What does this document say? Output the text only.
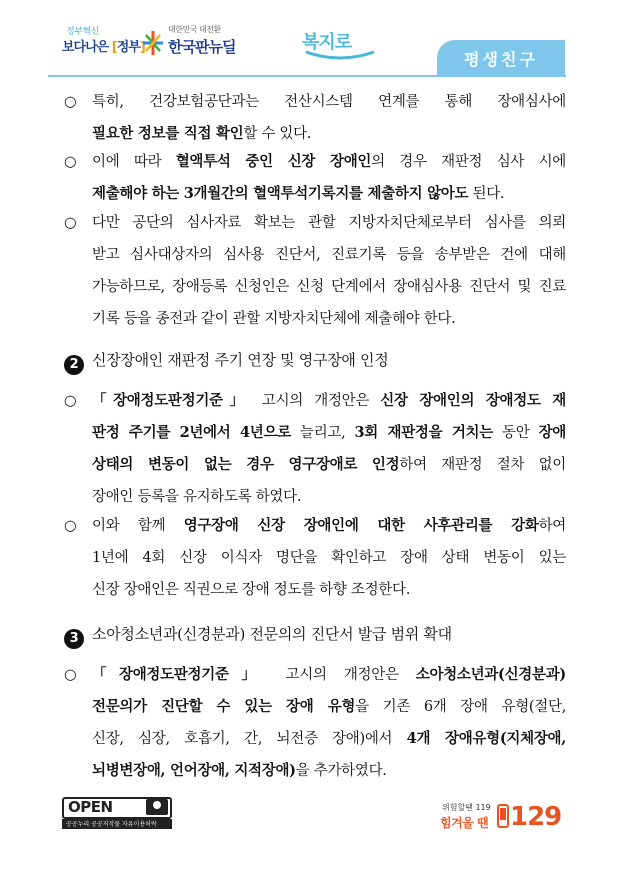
정부혁신
보다나은 [정부]
대한민국 대전환
한국판뉴딜	복지로
평생친구
○	특히, 건강보험공단과는 전산시스템 연계를 통해 장애심사에
필요한 정보를 직접 확인할 수 있다.
○	이에 따라 혈액투석 중인 신장 장애인의 경우 재판정 심사 시에
제출해야 하는 3개월간의 혈액투석기록지를 제출하지 않아도 된다.
○	다만 공단의 심사자료 확보는 관할 지방자치단체로부터 심사를 의뢰
받고 심사대상자의 심사용 진단서, 진료기록 등을 송부받은 건에 대해
가능하므로, 장애등록 신청인은 신청 단계에서 장애심사용 진단서 및 진료
기록 등을 종전과 같이 관할 지방자치단체에 제출해야 한다.
2 신장장애인 재판정 주기 연장 및 영구장애 인정
○	「장애정도판정기준」 고시의 개정안은 신장 장애인의 장애정도 재
판정 주기를 2년에서 4년으로 늘리고, 3회 재판정을 거치는 동안 장애
상태의 변동이 없는 경우 영구장애로 인정하여 재판정 절차 없이
장애인 등록을 유지하도록 하였다.
○	이와 함께 영구장애 신장 장애인에 대한 사후관리를 강화하여
1년에 4회 신장 이식자 명단을 확인하고 장애 상태 변동이 있는
신장 장애인은 직권으로 장애 정도를 하향 조정한다.
3 소아청소년과(신경분과) 전문의의 진단서 발급 범위 확대
○	「장애정도판정기준」 고시의 개정안은 소아청소년과(신경분과)
전문의가 진단할 수 있는 장애 유형을 기존 6개 장애 유형(절단,
신장, 심장, 호흡기, 간, 뇌전증 장애)에서 4개 장애유형(지체장애,
뇌병변장애, 언어장애, 지적장애)을 추가하였다.
OPEN
공공누리 공공저작물 자유이용허락
위험할땐 119
힘겨울 땐 129
